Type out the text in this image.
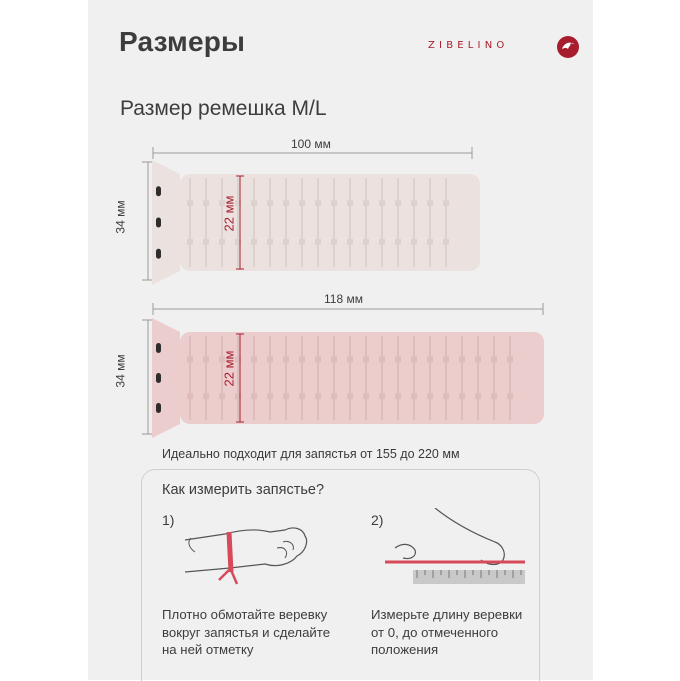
Размеры	ZIBELINO
Размер ремешка M/L
100 мм
34 мм	22 мм
118 мм
34 мм	22 мм
Идеально подходит для запястья от 155 до 220 мм
Как измерить запястье?
1)
Плотно обмотайте веревку
вокруг запястья и сделайте
на ней отметку
2)
Измерьте длину веревки
от 0, до отмеченного
положения
